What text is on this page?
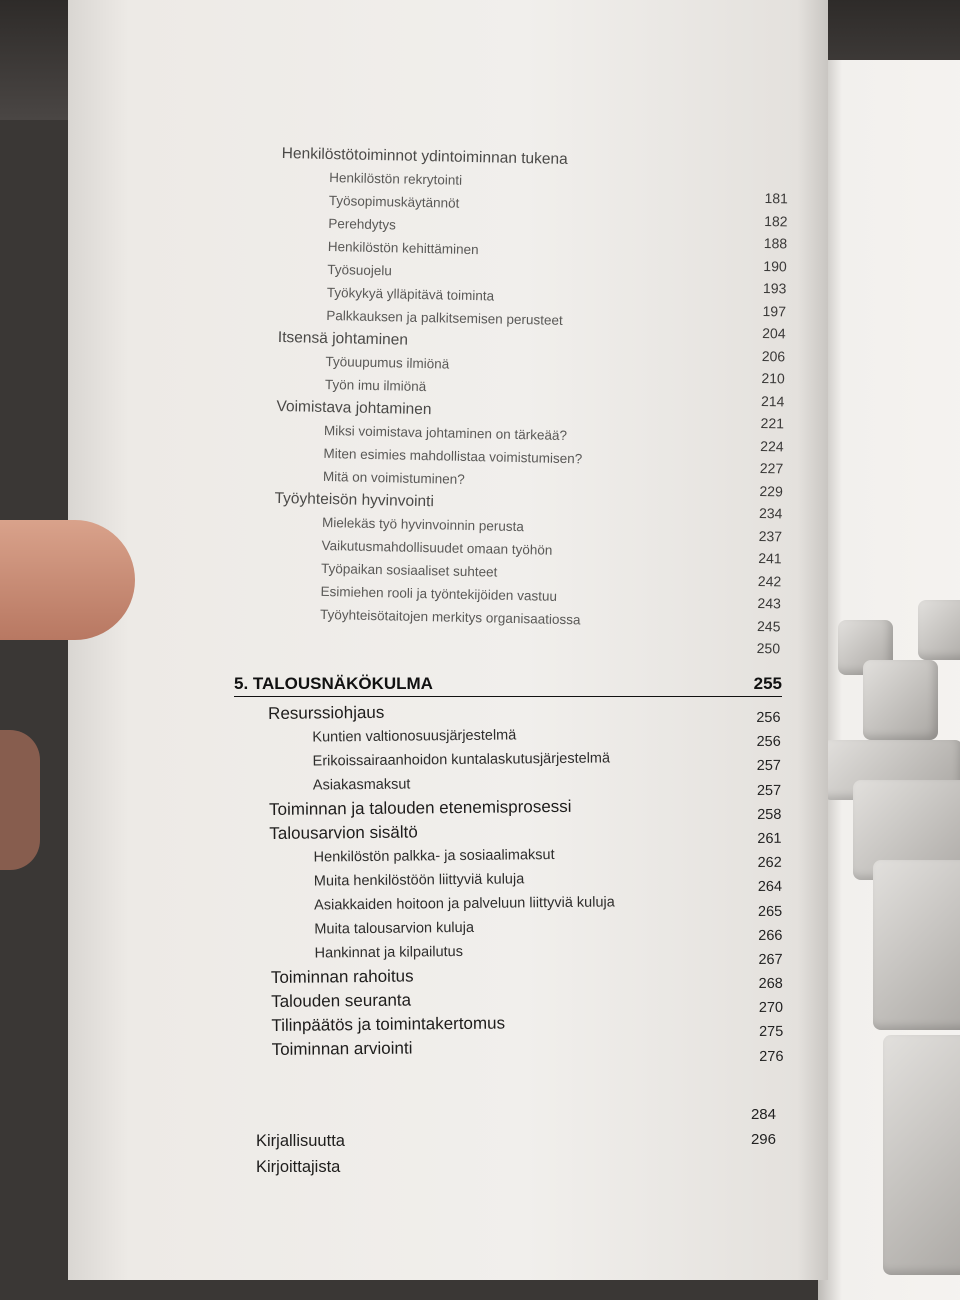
Henkilöstötoiminnot ydintoiminnan tukena
Henkilöstön rekrytointi
Työsopimuskäytännöt
Perehdytys
Henkilöstön kehittäminen
Työsuojelu
Työkykyä ylläpitävä toiminta
Palkkauksen ja palkitsemisen perusteet
Itsensä johtaminen
Työuupumus ilmiönä
Työn imu ilmiönä
Voimistava johtaminen
Miksi voimistava johtaminen on tärkeää?
Miten esimies mahdollistaa voimistumisen?
Mitä on voimistuminen?
Työyhteisön hyvinvointi
Mielekäs työ hyvinvoinnin perusta
Vaikutusmahdollisuudet omaan työhön
Työpaikan sosiaaliset suhteet
Esimiehen rooli ja työntekijöiden vastuu
Työyhteisötaitojen merkitys organisaatiossa
181
182
188
190
193
197
204
206
210
214
221
224
227
229
234
237
241
242
243
245
250
5. TALOUSNÄKÖKULMA	255
Resurssiohjaus
Kuntien valtionosuusjärjestelmä
Erikoissairaanhoidon kuntalaskutusjärjestelmä
Asiakasmaksut
Toiminnan ja talouden etenemisprosessi
Talousarvion sisältö
Henkilöstön palkka- ja sosiaalimaksut
Muita henkilöstöön liittyviä kuluja
Asiakkaiden hoitoon ja palveluun liittyviä kuluja
Muita talousarvion kuluja
Hankinnat ja kilpailutus
Toiminnan rahoitus
Talouden seuranta
Tilinpäätös ja toimintakertomus
Toiminnan arviointi
256
256
257
257
258
261
262
264
265
266
267
268
270
275
276
Kirjallisuutta
Kirjoittajista
284
296
